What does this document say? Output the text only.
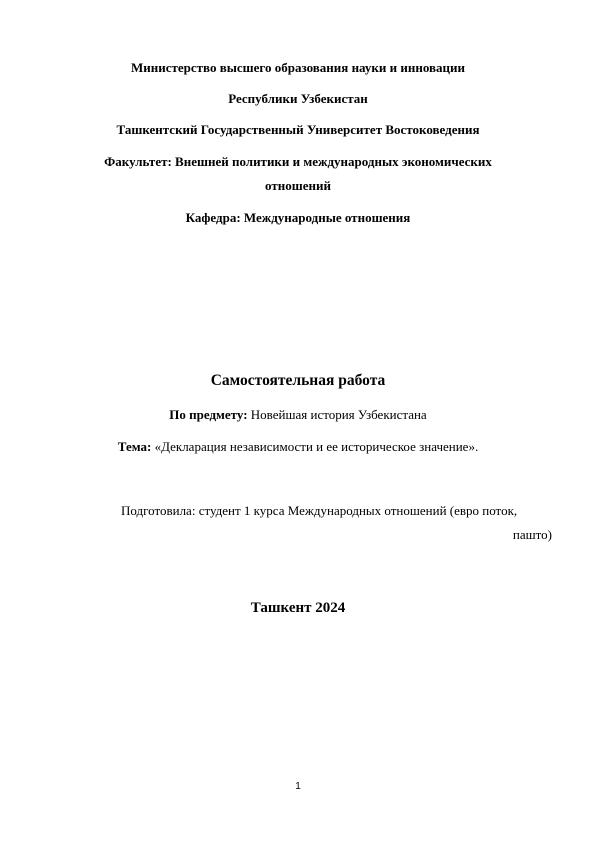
Министерство высшего образования науки и инновации
Республики Узбекистан
Ташкентский Государственный Университет Востоковедения
Факультет: Внешней политики и международных экономических
отношений
Кафедра: Международные отношения
Самостоятельная работа
По предмету: Новейшая история Узбекистана
Тема: «Декларация независимости и ее историческое значение».
Подготовила: студент 1 курса Международных отношений (евро поток,
пашто)
Ташкент 2024
1
